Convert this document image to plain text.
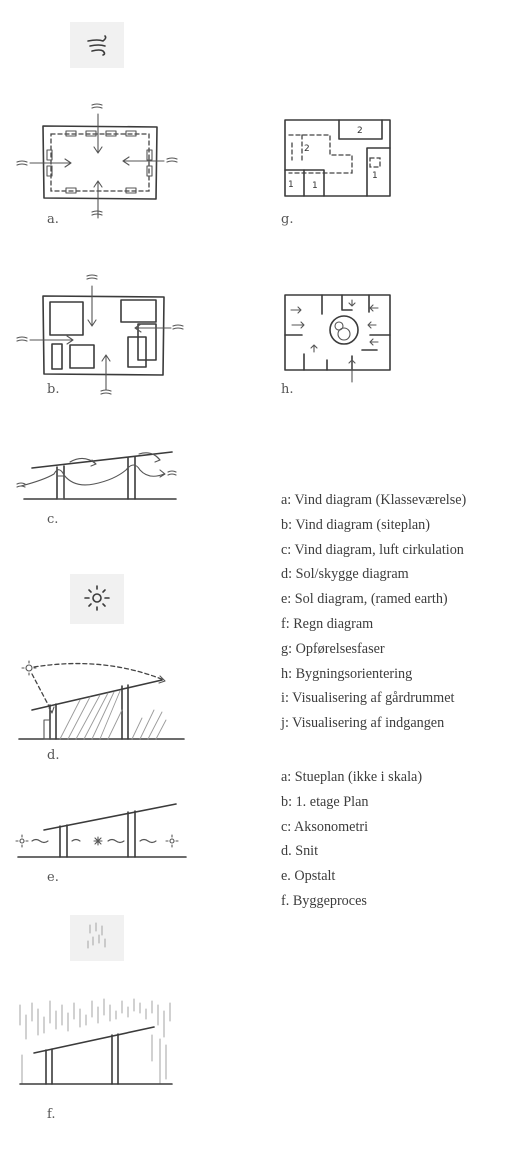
a.
2
2
1 1
1
g.
b.	h.
c.
a: Vind diagram (Klasseværelse)
b: Vind diagram (siteplan)
c: Vind diagram, luft cirkulation
d: Sol/skygge diagram
e: Sol diagram, (ramed earth)
f: Regn diagram
g: Opførelsesfaser
h: Bygningsorientering
i: Visualisering af gårdrummet
j: Visualisering af indgangen
d.
a: Stueplan (ikke i skala)
b: 1. etage Plan
c: Aksonometri
d. Snit
e. Opstalt
f. Byggeproces
e.
f.
